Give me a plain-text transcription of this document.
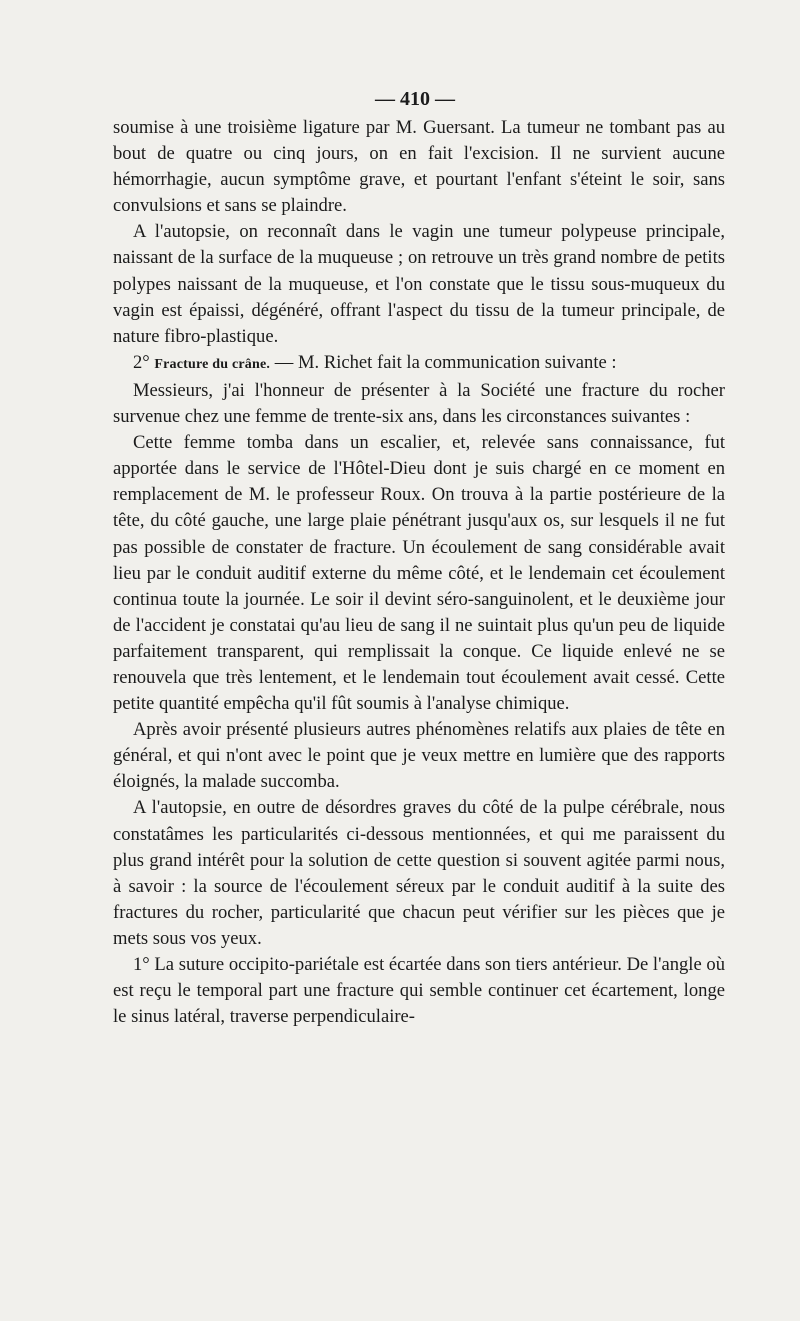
— 410 —

soumise à une troisième ligature par M. Guersant. La tumeur ne tombant pas au bout de quatre ou cinq jours, on en fait l'excision. Il ne survient aucune hémorrhagie, aucun symptôme grave, et pourtant l'enfant s'éteint le soir, sans convulsions et sans se plaindre.

A l'autopsie, on reconnaît dans le vagin une tumeur polypeuse principale, naissant de la surface de la muqueuse ; on retrouve un très grand nombre de petits polypes naissant de la muqueuse, et l'on constate que le tissu sous-muqueux du vagin est épaissi, dégénéré, offrant l'aspect du tissu de la tumeur principale, de nature fibro-plastique.

2° Fracture du crâne. — M. Richet fait la communication suivante :

Messieurs, j'ai l'honneur de présenter à la Société une fracture du rocher survenue chez une femme de trente-six ans, dans les circonstances suivantes :

Cette femme tomba dans un escalier, et, relevée sans connaissance, fut apportée dans le service de l'Hôtel-Dieu dont je suis chargé en ce moment en remplacement de M. le professeur Roux. On trouva à la partie postérieure de la tête, du côté gauche, une large plaie pénétrant jusqu'aux os, sur lesquels il ne fut pas possible de constater de fracture. Un écoulement de sang considérable avait lieu par le conduit auditif externe du même côté, et le lendemain cet écoulement continua toute la journée. Le soir il devint séro-sanguinolent, et le deuxième jour de l'accident je constatai qu'au lieu de sang il ne suintait plus qu'un peu de liquide parfaitement transparent, qui remplissait la conque. Ce liquide enlevé ne se renouvela que très lentement, et le lendemain tout écoulement avait cessé. Cette petite quantité empêcha qu'il fût soumis à l'analyse chimique.

Après avoir présenté plusieurs autres phénomènes relatifs aux plaies de tête en général, et qui n'ont avec le point que je veux mettre en lumière que des rapports éloignés, la malade succomba.

A l'autopsie, en outre de désordres graves du côté de la pulpe cérébrale, nous constatâmes les particularités ci-dessous mentionnées, et qui me paraissent du plus grand intérêt pour la solution de cette question si souvent agitée parmi nous, à savoir : la source de l'écoulement séreux par le conduit auditif à la suite des fractures du rocher, particularité que chacun peut vérifier sur les pièces que je mets sous vos yeux.

1° La suture occipito-pariétale est écartée dans son tiers antérieur. De l'angle où est reçu le temporal part une fracture qui semble continuer cet écartement, longe le sinus latéral, traverse perpendiculaire-
